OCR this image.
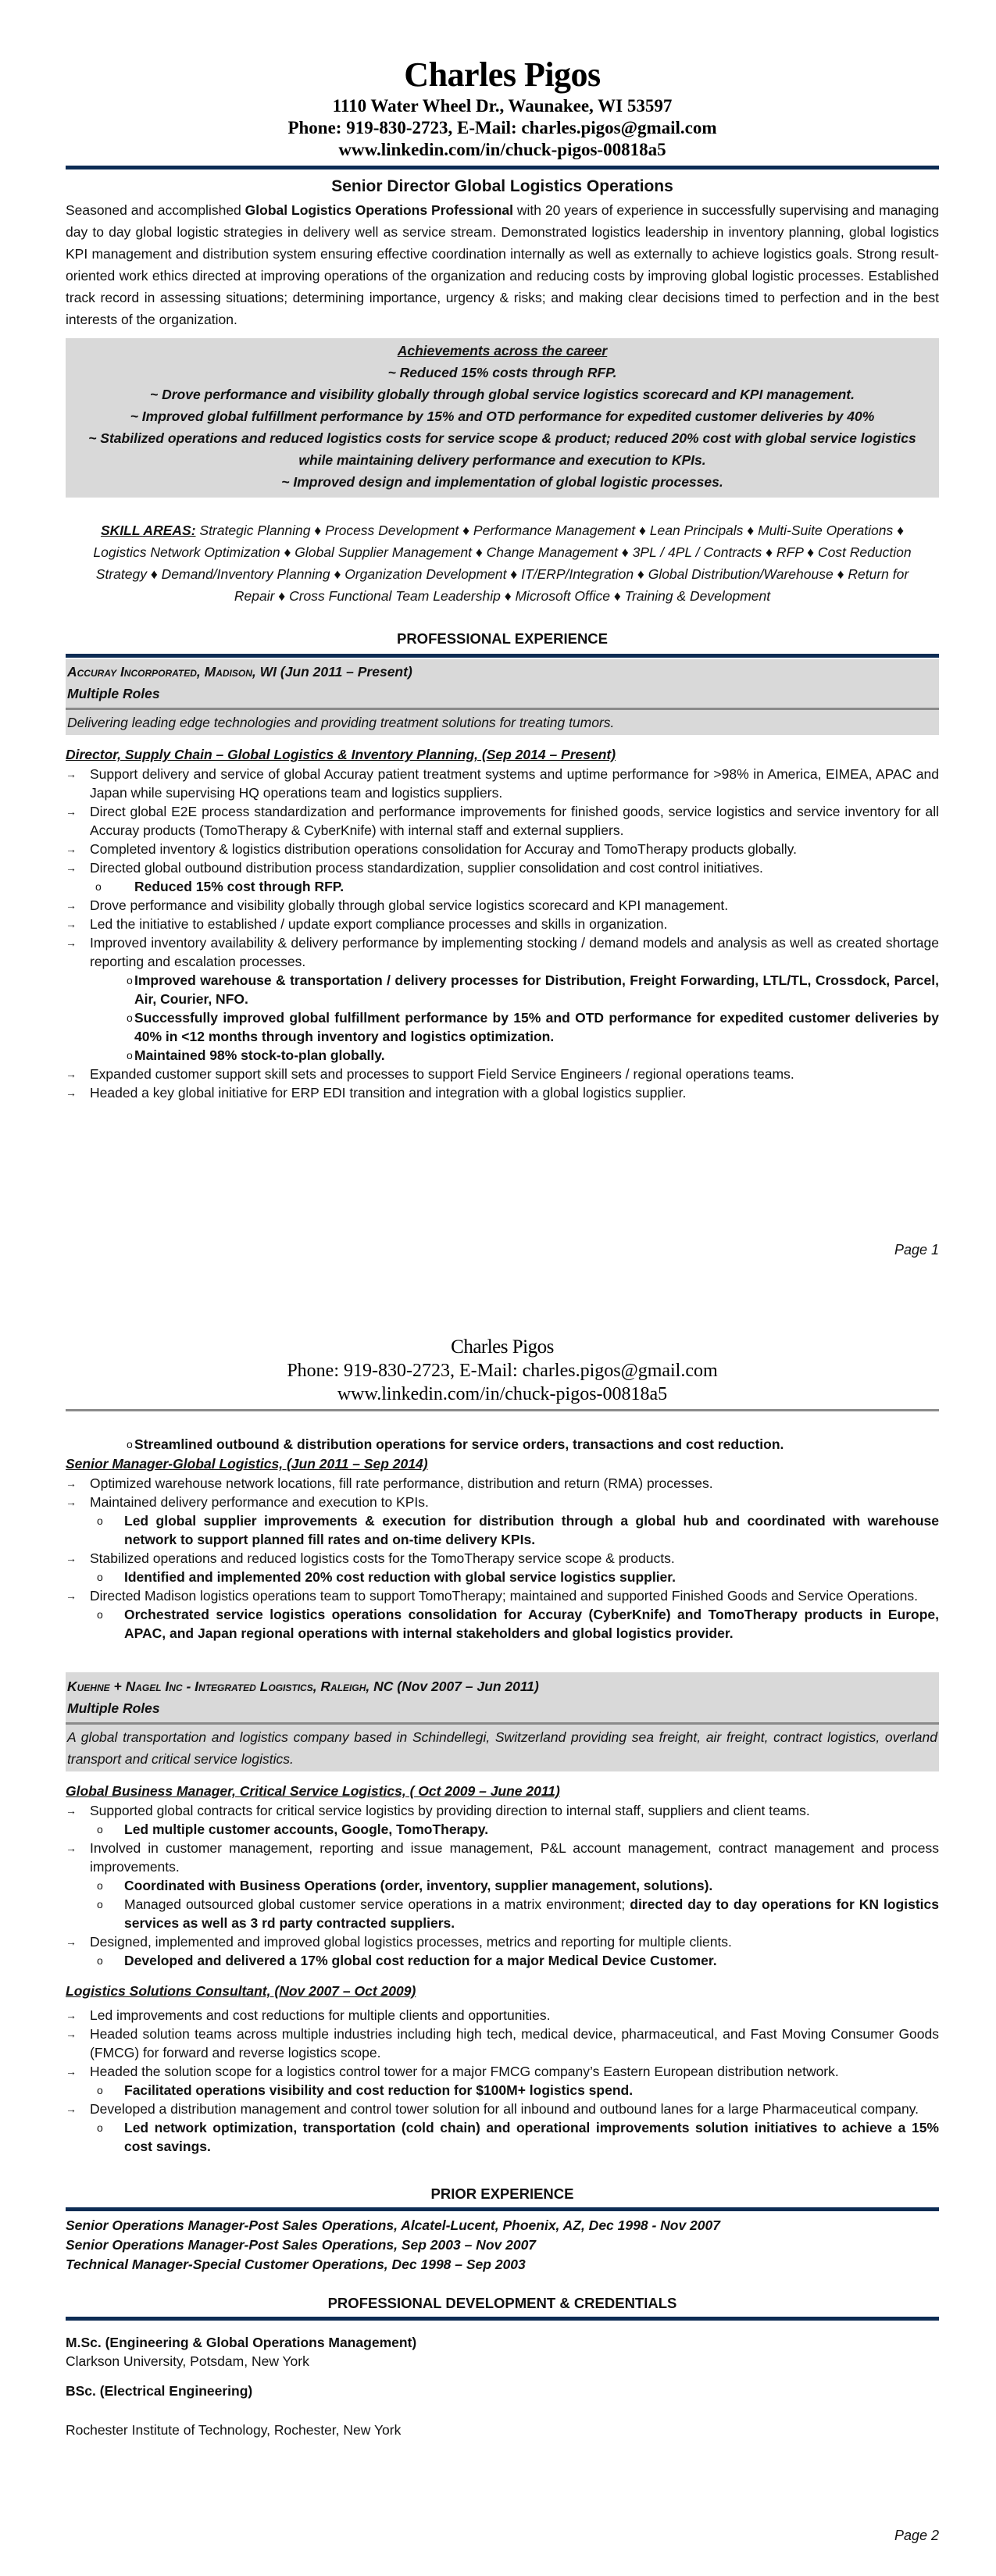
Charles Pigos
1110 Water Wheel Dr., Waunakee, WI 53597
Phone: 919-830-2723, E-Mail: charles.pigos@gmail.com
www.linkedin.com/in/chuck-pigos-00818a5
Senior Director Global Logistics Operations
Seasoned and accomplished Global Logistics Operations Professional with 20 years of experience in successfully supervising and managing day to day global logistic strategies in delivery well as service stream. Demonstrated logistics leadership in inventory planning, global logistics KPI management and distribution system ensuring effective coordination internally as well as externally to achieve logistics goals. Strong result-oriented work ethics directed at improving operations of the organization and reducing costs by improving global logistic processes. Established track record in assessing situations; determining importance, urgency & risks; and making clear decisions timed to perfection and in the best interests of the organization.
Achievements across the career
~ Reduced 15% costs through RFP.
~ Drove performance and visibility globally through global service logistics scorecard and KPI management.
~ Improved global fulfillment performance by 15% and OTD performance for expedited customer deliveries by 40%
~ Stabilized operations and reduced logistics costs for service scope & product; reduced 20% cost with global service logistics while maintaining delivery performance and execution to KPIs.
~ Improved design and implementation of global logistic processes.
SKILL AREAS: Strategic Planning ♦ Process Development ♦ Performance Management ♦ Lean Principals ♦ Multi-Suite Operations ♦ Logistics Network Optimization ♦ Global Supplier Management ♦ Change Management ♦ 3PL / 4PL / Contracts ♦ RFP ♦ Cost Reduction Strategy ♦ Demand/Inventory Planning ♦ Organization Development ♦ IT/ERP/Integration ♦ Global Distribution/Warehouse ♦ Return for Repair ♦ Cross Functional Team Leadership ♦ Microsoft Office ♦ Training & Development
PROFESSIONAL EXPERIENCE
Accuray Incorporated, Madison, WI (Jun 2011 – Present)
Multiple Roles
Delivering leading edge technologies and providing treatment solutions for treating tumors.
Director, Supply Chain – Global Logistics & Inventory Planning, (Sep 2014 – Present)
→ Support delivery and service of global Accuray patient treatment systems and uptime performance for >98% in America, EIMEA, APAC and Japan while supervising HQ operations team and logistics suppliers.
→ Direct global E2E process standardization and performance improvements for finished goods, service logistics and service inventory for all Accuray products (TomoTherapy & CyberKnife) with internal staff and external suppliers.
→ Completed inventory & logistics distribution operations consolidation for Accuray and TomoTherapy products globally.
→ Directed global outbound distribution process standardization, supplier consolidation and cost control initiatives.
o Reduced 15% cost through RFP.
→ Drove performance and visibility globally through global service logistics scorecard and KPI management.
→ Led the initiative to established / update export compliance processes and skills in organization.
→ Improved inventory availability & delivery performance by implementing stocking / demand models and analysis as well as created shortage reporting and escalation processes.
o Improved warehouse & transportation / delivery processes for Distribution, Freight Forwarding, LTL/TL, Crossdock, Parcel, Air, Courier, NFO.
o Successfully improved global fulfillment performance by 15% and OTD performance for expedited customer deliveries by 40% in <12 months through inventory and logistics optimization.
o Maintained 98% stock-to-plan globally.
→ Expanded customer support skill sets and processes to support Field Service Engineers / regional operations teams.
→ Headed a key global initiative for ERP EDI transition and integration with a global logistics supplier.
Page 1
Charles Pigos
Phone: 919-830-2723, E-Mail: charles.pigos@gmail.com
www.linkedin.com/in/chuck-pigos-00818a5
o Streamlined outbound & distribution operations for service orders, transactions and cost reduction.
Senior Manager-Global Logistics, (Jun 2011 – Sep 2014)
→ Optimized warehouse network locations, fill rate performance, distribution and return (RMA) processes.
→ Maintained delivery performance and execution to KPIs.
o Led global supplier improvements & execution for distribution through a global hub and coordinated with warehouse network to support planned fill rates and on-time delivery KPIs.
→ Stabilized operations and reduced logistics costs for the TomoTherapy service scope & products.
o Identified and implemented 20% cost reduction with global service logistics supplier.
→ Directed Madison logistics operations team to support TomoTherapy; maintained and supported Finished Goods and Service Operations.
o Orchestrated service logistics operations consolidation for Accuray (CyberKnife) and TomoTherapy products in Europe, APAC, and Japan regional operations with internal stakeholders and global logistics provider.
Kuehne + Nagel Inc - Integrated Logistics, Raleigh, NC (Nov 2007 – Jun 2011)
Multiple Roles
A global transportation and logistics company based in Schindellegi, Switzerland providing sea freight, air freight, contract logistics, overland transport and critical service logistics.
Global Business Manager, Critical Service Logistics, ( Oct 2009 – June 2011)
→ Supported global contracts for critical service logistics by providing direction to internal staff, suppliers and client teams.
o Led multiple customer accounts, Google, TomoTherapy.
→ Involved in customer management, reporting and issue management, P&L account management, contract management and process improvements.
o Coordinated with Business Operations (order, inventory, supplier management, solutions).
o Managed outsourced global customer service operations in a matrix environment; directed day to day operations for KN logistics services as well as 3 rd party contracted suppliers.
→ Designed, implemented and improved global logistics processes, metrics and reporting for multiple clients.
o Developed and delivered a 17% global cost reduction for a major Medical Device Customer.
Logistics Solutions Consultant, (Nov 2007 – Oct 2009)
→ Led improvements and cost reductions for multiple clients and opportunities.
→ Headed solution teams across multiple industries including high tech, medical device, pharmaceutical, and Fast Moving Consumer Goods (FMCG) for forward and reverse logistics scope.
→ Headed the solution scope for a logistics control tower for a major FMCG company’s Eastern European distribution network.
o Facilitated operations visibility and cost reduction for $100M+ logistics spend.
→ Developed a distribution management and control tower solution for all inbound and outbound lanes for a large Pharmaceutical company.
o Led network optimization, transportation (cold chain) and operational improvements solution initiatives to achieve a 15% cost savings.
PRIOR EXPERIENCE
Senior Operations Manager-Post Sales Operations, Alcatel-Lucent, Phoenix, AZ, Dec 1998 - Nov 2007
Senior Operations Manager-Post Sales Operations, Sep 2003 – Nov 2007
Technical Manager-Special Customer Operations, Dec 1998 – Sep 2003
PROFESSIONAL DEVELOPMENT & CREDENTIALS
M.Sc. (Engineering & Global Operations Management)
Clarkson University, Potsdam, New York
BSc. (Electrical Engineering)
Rochester Institute of Technology, Rochester, New York
Page 2
